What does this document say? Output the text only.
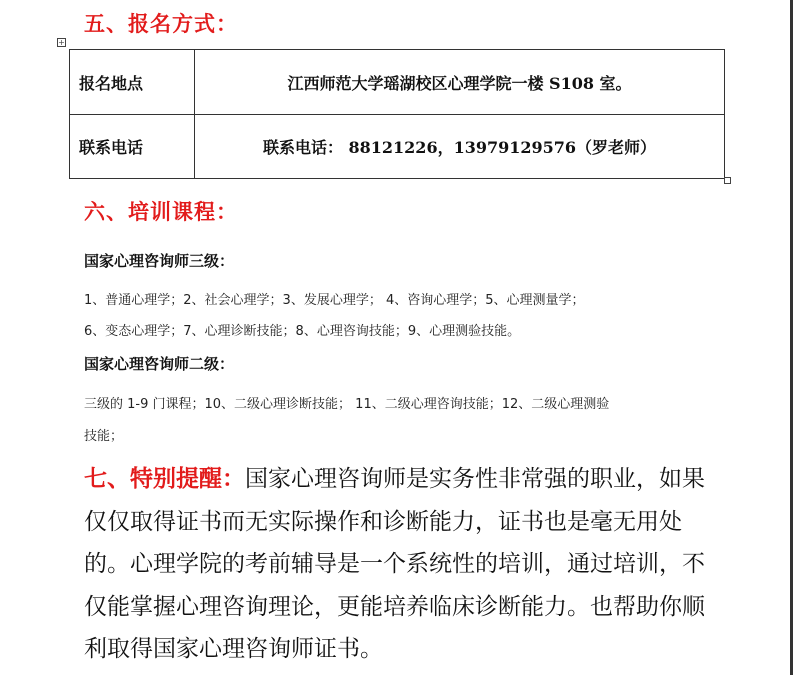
五、报名方式：
+
报名地点	江西师范大学瑶湖校区心理学院一楼 S108 室。
联系电话	联系电话： 88121226，13979129576（罗老师）
六、培训课程：

国家心理咨询师三级：

1、普通心理学；2、社会心理学；3、发展心理学； 4、咨询心理学；5、心理测量学；

6、变态心理学；7、心理诊断技能；8、心理咨询技能；9、心理测验技能。

国家心理咨询师二级：

三级的 1-9 门课程；10、二级心理诊断技能； 11、二级心理咨询技能；12、二级心理测验

技能；

七、特别提醒：国家心理咨询师是实务性非常强的职业，如果仅仅取得证书而无实际操作和诊断能力，证书也是毫无用处的。心理学院的考前辅导是一个系统性的培训，通过培训，不仅能掌握心理咨询理论，更能培养临床诊断能力。也帮助你顺利取得国家心理咨询师证书。
